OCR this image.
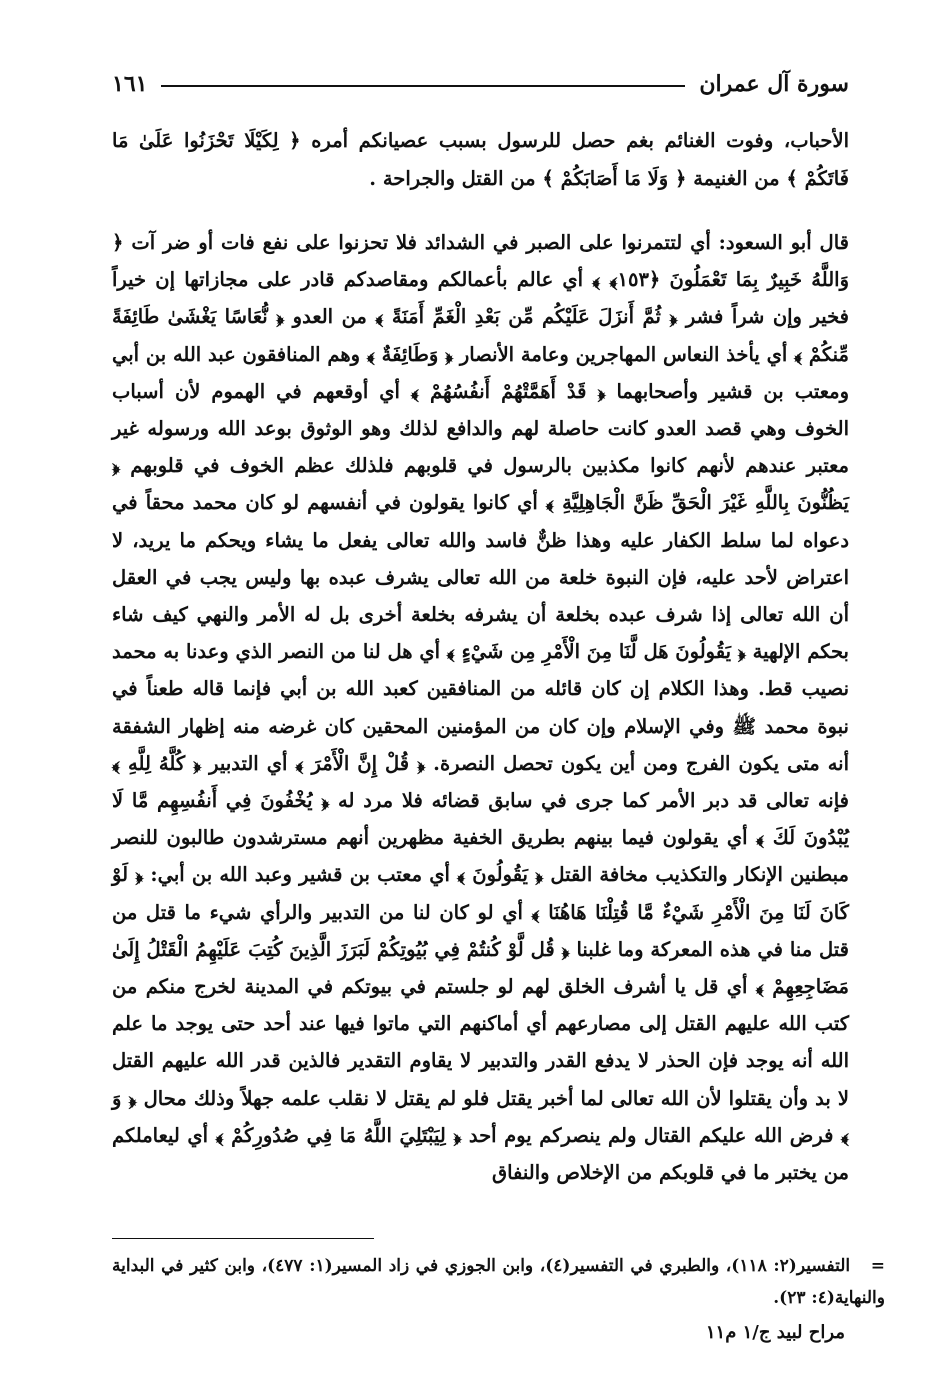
سورة آل عمران
١٦١

الأحباب، وفوت الغنائم بغم حصل للرسول بسبب عصيانكم أمره ﴿ لِكَيْلَا تَحْزَنُوا عَلَىٰ مَا فَاتَكُمْ ﴾ من الغنيمة ﴿ وَلَا مَا أَصَابَكُمْ ﴾ من القتل والجراحة .

قال أبو السعود: أي لتتمرنوا على الصبر في الشدائد فلا تحزنوا على نفع فات أو ضر آت ﴿ وَاللَّهُ خَبِيرٌ بِمَا تَعْمَلُونَ ﴿١٥٣﴾ ﴾ أي عالم بأعمالكم ومقاصدكم قادر على مجازاتها إن خيراً فخير وإن شراً فشر ﴿ ثُمَّ أَنزَلَ عَلَيْكُم مِّن بَعْدِ الْغَمِّ أَمَنَةً ﴾ من العدو ﴿ نُّعَاسًا يَغْشَىٰ طَائِفَةً مِّنكُمْ ﴾ أي يأخذ النعاس المهاجرين وعامة الأنصار ﴿ وَطَائِفَةٌ ﴾ وهم المنافقون عبد الله بن أبي ومعتب بن قشير وأصحابهما ﴿ قَدْ أَهَمَّتْهُمْ أَنفُسُهُمْ ﴾ أي أوقعهم في الهموم لأن أسباب الخوف وهي قصد العدو كانت حاصلة لهم والدافع لذلك وهو الوثوق بوعد الله ورسوله غير معتبر عندهم لأنهم كانوا مكذبين بالرسول في قلوبهم فلذلك عظم الخوف في قلوبهم ﴿ يَظُنُّونَ بِاللَّهِ غَيْرَ الْحَقِّ ظَنَّ الْجَاهِلِيَّةِ ﴾ أي كانوا يقولون في أنفسهم لو كان محمد محقاً في دعواه لما سلط الكفار عليه وهذا ظنٌّ فاسد والله تعالى يفعل ما يشاء ويحكم ما يريد، لا اعتراض لأحد عليه، فإن النبوة خلعة من الله تعالى يشرف عبده بها وليس يجب في العقل أن الله تعالى إذا شرف عبده بخلعة أن يشرفه بخلعة أخرى بل له الأمر والنهي كيف شاء بحكم الإلهية ﴿ يَقُولُونَ هَل لَّنَا مِنَ الْأَمْرِ مِن شَيْءٍ ﴾ أي هل لنا من النصر الذي وعدنا به محمد نصيب قط. وهذا الكلام إن كان قائله من المنافقين كعبد الله بن أبي فإنما قاله طعناً في نبوة محمد ﷺ وفي الإسلام وإن كان من المؤمنين المحقين كان غرضه منه إظهار الشفقة أنه متى يكون الفرج ومن أين يكون تحصل النصرة. ﴿ قُلْ إِنَّ الْأَمْرَ ﴾ أي التدبير ﴿ كُلَّهُ لِلَّهِ ﴾ فإنه تعالى قد دبر الأمر كما جرى في سابق قضائه فلا مرد له ﴿ يُخْفُونَ فِي أَنفُسِهِم مَّا لَا يُبْدُونَ لَكَ ﴾ أي يقولون فيما بينهم بطريق الخفية مظهرين أنهم مسترشدون طالبون للنصر مبطنين الإنكار والتكذيب مخافة القتل ﴿ يَقُولُونَ ﴾ أي معتب بن قشير وعبد الله بن أبي: ﴿ لَوْ كَانَ لَنَا مِنَ الْأَمْرِ شَيْءٌ مَّا قُتِلْنَا هَاهُنَا ﴾ أي لو كان لنا من التدبير والرأي شيء ما قتل من قتل منا في هذه المعركة وما غلبنا ﴿ قُل لَّوْ كُنتُمْ فِي بُيُوتِكُمْ لَبَرَزَ الَّذِينَ كُتِبَ عَلَيْهِمُ الْقَتْلُ إِلَىٰ مَضَاجِعِهِمْ ﴾ أي قل يا أشرف الخلق لهم لو جلستم في بيوتكم في المدينة لخرج منكم من كتب الله عليهم القتل إلى مصارعهم أي أماكنهم التي ماتوا فيها عند أحد حتى يوجد ما علم الله أنه يوجد فإن الحذر لا يدفع القدر والتدبير لا يقاوم التقدير فالذين قدر الله عليهم القتل لا بد وأن يقتلوا لأن الله تعالى لما أخبر يقتل فلو لم يقتل لا نقلب علمه جهلاً وذلك محال ﴿ وَ ﴾ فرض الله عليكم القتال ولم ينصركم يوم أحد ﴿ لِيَبْتَلِيَ اللَّهُ مَا فِي صُدُورِكُمْ ﴾ أي ليعاملكم من يختبر ما في قلوبكم من الإخلاص والنفاق

= التفسير(٢: ١١٨)، والطبري في التفسير(٤)، وابن الجوزي في زاد المسير(١: ٤٧٧)، وابن كثير في البداية والنهاية(٤: ٢٣).
مراح لبيد ج/١ م١١
